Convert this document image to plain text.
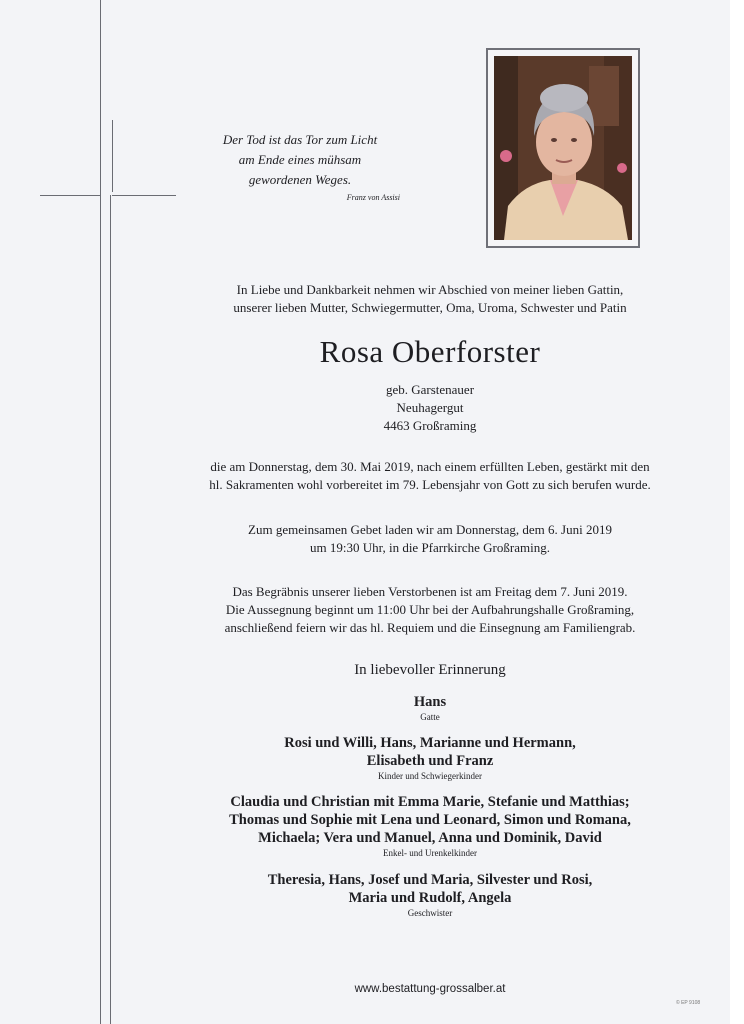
Der Tod ist das Tor zum Licht
am Ende eines mühsam
gewordenen Weges.
Franz von Assisi
In Liebe und Dankbarkeit nehmen wir Abschied von meiner lieben Gattin,
unserer lieben Mutter, Schwiegermutter, Oma, Uroma, Schwester und Patin
Rosa Oberforster
geb. Garstenauer
Neuhagergut
4463 Großraming
die am Donnerstag, dem 30. Mai 2019, nach einem erfüllten Leben, gestärkt mit den
hl. Sakramenten wohl vorbereitet im 79. Lebensjahr von Gott zu sich berufen wurde.
Zum gemeinsamen Gebet laden wir am Donnerstag, dem 6. Juni 2019
um 19:30 Uhr, in die Pfarrkirche Großraming.
Das Begräbnis unserer lieben Verstorbenen ist am Freitag dem 7. Juni 2019.
Die Aussegnung beginnt um 11:00 Uhr bei der Aufbahrungshalle Großraming,
anschließend feiern wir das hl. Requiem und die Einsegnung am Familiengrab.
In liebevoller Erinnerung
Hans
Gatte
Rosi und Willi, Hans, Marianne und Hermann,
Elisabeth und Franz
Kinder und Schwiegerkinder
Claudia und Christian mit Emma Marie, Stefanie und Matthias;
Thomas und Sophie mit Lena und Leonard, Simon und Romana,
Michaela; Vera und Manuel, Anna und Dominik, David
Enkel- und Urenkelkinder
Theresia, Hans, Josef und Maria, Silvester und Rosi,
Maria und Rudolf, Angela
Geschwister
www.bestattung-grossalber.at
© EP 9108
